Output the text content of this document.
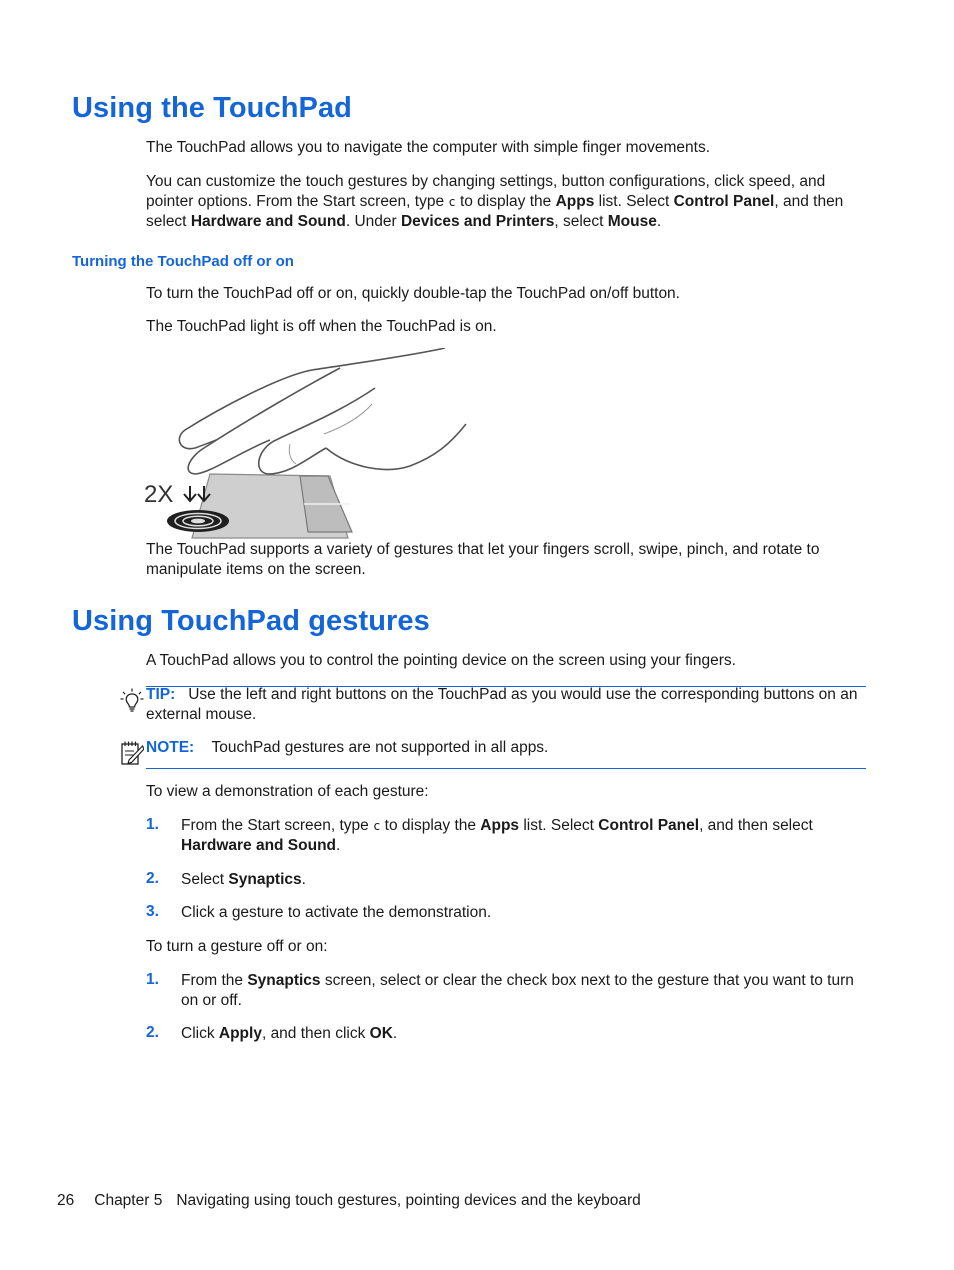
Using the TouchPad

The TouchPad allows you to navigate the computer with simple finger movements.

You can customize the touch gestures by changing settings, button configurations, click speed, and pointer options. From the Start screen, type c to display the Apps list. Select Control Panel, and then select Hardware and Sound. Under Devices and Printers, select Mouse.

Turning the TouchPad off or on

To turn the TouchPad off or on, quickly double-tap the TouchPad on/off button.

The TouchPad light is off when the TouchPad is on.

2X

The TouchPad supports a variety of gestures that let your fingers scroll, swipe, pinch, and rotate to manipulate items on the screen.

Using TouchPad gestures

A TouchPad allows you to control the pointing device on the screen using your fingers.

TIP: Use the left and right buttons on the TouchPad as you would use the corresponding buttons on an external mouse.

NOTE: TouchPad gestures are not supported in all apps.

To view a demonstration of each gesture:

1. From the Start screen, type c to display the Apps list. Select Control Panel, and then select Hardware and Sound.
2. Select Synaptics.
3. Click a gesture to activate the demonstration.

To turn a gesture off or on:

1. From the Synaptics screen, select or clear the check box next to the gesture that you want to turn on or off.
2. Click Apply, and then click OK.
26 Chapter 5 Navigating using touch gestures, pointing devices and the keyboard
